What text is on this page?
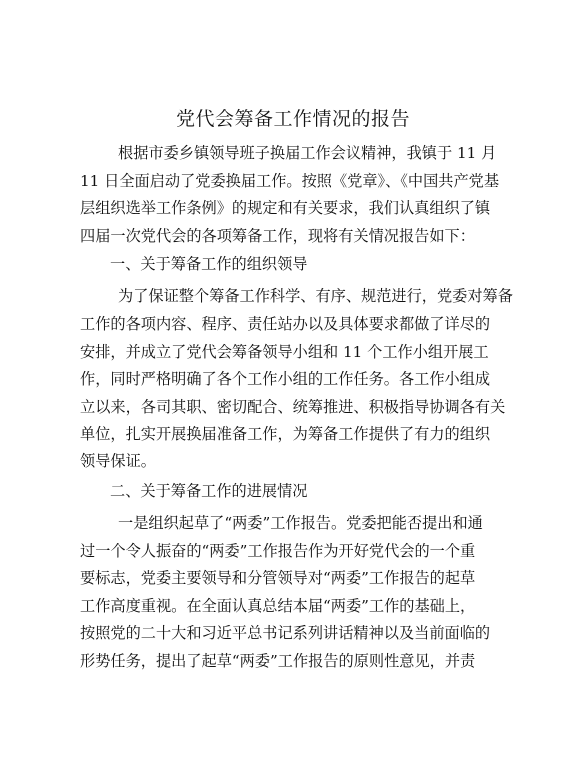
党代会筹备工作情况的报告
根据市委乡镇领导班子换届工作会议精神，我镇于 11 月
11 日全面启动了党委换届工作。按照《党章》、《中国共产党基
层组织选举工作条例》的规定和有关要求，我们认真组织了镇
四届一次党代会的各项筹备工作，现将有关情况报告如下：
一、关于筹备工作的组织领导
为了保证整个筹备工作科学、有序、规范进行，党委对筹备
工作的各项内容、程序、责任站办以及具体要求都做了详尽的
安排，并成立了党代会筹备领导小组和 11 个工作小组开展工
作，同时严格明确了各个工作小组的工作任务。各工作小组成
立以来，各司其职、密切配合、统筹推进、积极指导协调各有关
单位，扎实开展换届准备工作，为筹备工作提供了有力的组织
领导保证。
二、关于筹备工作的进展情况
一是组织起草了“两委”工作报告。党委把能否提出和通
过一个令人振奋的“两委”工作报告作为开好党代会的一个重
要标志，党委主要领导和分管领导对“两委”工作报告的起草
工作高度重视。在全面认真总结本届“两委”工作的基础上，
按照党的二十大和习近平总书记系列讲话精神以及当前面临的
形势任务，提出了起草“两委”工作报告的原则性意见，并责
